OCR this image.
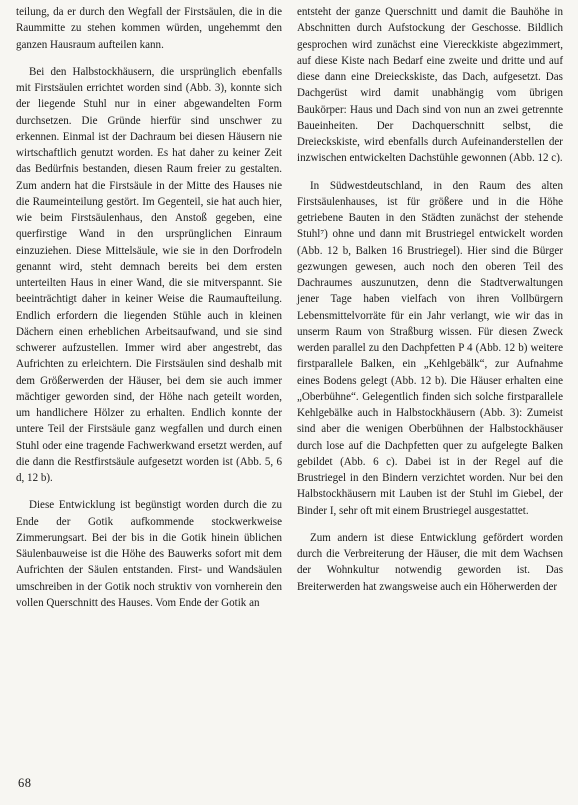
teilung, da er durch den Wegfall der Firstsäulen, die in die Raummitte zu stehen kommen würden, ungehemmt den ganzen Hausraum aufteilen kann.

Bei den Halbstockhäusern, die ursprünglich ebenfalls mit Firstsäulen errichtet worden sind (Abb. 3), konnte sich der liegende Stuhl nur in einer abgewandelten Form durchsetzen. Die Gründe hierfür sind unschwer zu erkennen. Einmal ist der Dachraum bei diesen Häusern nie wirtschaftlich genutzt worden. Es hat daher zu keiner Zeit das Bedürfnis bestanden, diesen Raum freier zu gestalten. Zum andern hat die Firstsäule in der Mitte des Hauses nie die Raumeinteilung gestört. Im Gegenteil, sie hat auch hier, wie beim Firstsäulenhaus, den Anstoß gegeben, eine querfirstige Wand in den ursprünglichen Einraum einzuziehen. Diese Mittelsäule, wie sie in den Dorfrodeln genannt wird, steht demnach bereits bei dem ersten unterteilten Haus in einer Wand, die sie mitverspannt. Sie beeinträchtigt daher in keiner Weise die Raumaufteilung. Endlich erfordern die liegenden Stühle auch in kleinen Dächern einen erheblichen Arbeitsaufwand, und sie sind schwerer aufzustellen. Immer wird aber angestrebt, das Aufrichten zu erleichtern. Die Firstsäulen sind deshalb mit dem Größerwerden der Häuser, bei dem sie auch immer mächtiger geworden sind, der Höhe nach geteilt worden, um handlichere Hölzer zu erhalten. Endlich konnte der untere Teil der Firstsäule ganz wegfallen und durch einen Stuhl oder eine tragende Fachwerkwand ersetzt werden, auf die dann die Restfirstsäule aufgesetzt worden ist (Abb. 5, 6 d, 12 b).

Diese Entwicklung ist begünstigt worden durch die zu Ende der Gotik aufkommende stockwerkweise Zimmerungsart. Bei der bis in die Gotik hinein üblichen Säulenbauweise ist die Höhe des Bauwerks sofort mit dem Aufrichten der Säulen entstanden. First- und Wandsäulen umschreiben in der Gotik noch struktiv von vornherein den vollen Querschnitt des Hauses. Vom Ende der Gotik an

entsteht der ganze Querschnitt und damit die Bauhöhe in Abschnitten durch Aufstockung der Geschosse. Bildlich gesprochen wird zunächst eine Viereckkiste abgezimmert, auf diese Kiste nach Bedarf eine zweite und dritte und auf diese dann eine Dreieckskiste, das Dach, aufgesetzt. Das Dachgerüst wird damit unabhängig vom übrigen Baukörper: Haus und Dach sind von nun an zwei getrennte Baueinheiten. Der Dachquerschnitt selbst, die Dreieckskiste, wird ebenfalls durch Aufeinanderstellen der inzwischen entwickelten Dachstühle gewonnen (Abb. 12 c).

In Südwestdeutschland, in den Raum des alten Firstsäulenhauses, ist für größere und in die Höhe getriebene Bauten in den Städten zunächst der stehende Stuhl⁷) ohne und dann mit Brustriegel entwickelt worden (Abb. 12 b, Balken 16 Brustriegel). Hier sind die Bürger gezwungen gewesen, auch noch den oberen Teil des Dachraumes auszunutzen, denn die Stadtverwaltungen jener Tage haben vielfach von ihren Vollbürgern Lebensmittelvorräte für ein Jahr verlangt, wie wir das in unserm Raum von Straßburg wissen. Für diesen Zweck werden parallel zu den Dachpfetten P 4 (Abb. 12 b) weitere firstparallele Balken, ein „Kehlgebälk“, zur Aufnahme eines Bodens gelegt (Abb. 12 b). Die Häuser erhalten eine „Oberbühne“. Gelegentlich finden sich solche firstparallele Kehlgebälke auch in Halbstockhäusern (Abb. 3): Zumeist sind aber die wenigen Oberbühnen der Halbstockhäuser durch lose auf die Dachpfetten quer zu aufgelegte Balken gebildet (Abb. 6 c). Dabei ist in der Regel auf die Brustriegel in den Bindern verzichtet worden. Nur bei den Halbstockhäusern mit Lauben ist der Stuhl im Giebel, der Binder I, sehr oft mit einem Brustriegel ausgestattet.

Zum andern ist diese Entwicklung gefördert worden durch die Verbreiterung der Häuser, die mit dem Wachsen der Wohnkultur notwendig geworden ist. Das Breiterwerden hat zwangsweise auch ein Höherwerden der

68
